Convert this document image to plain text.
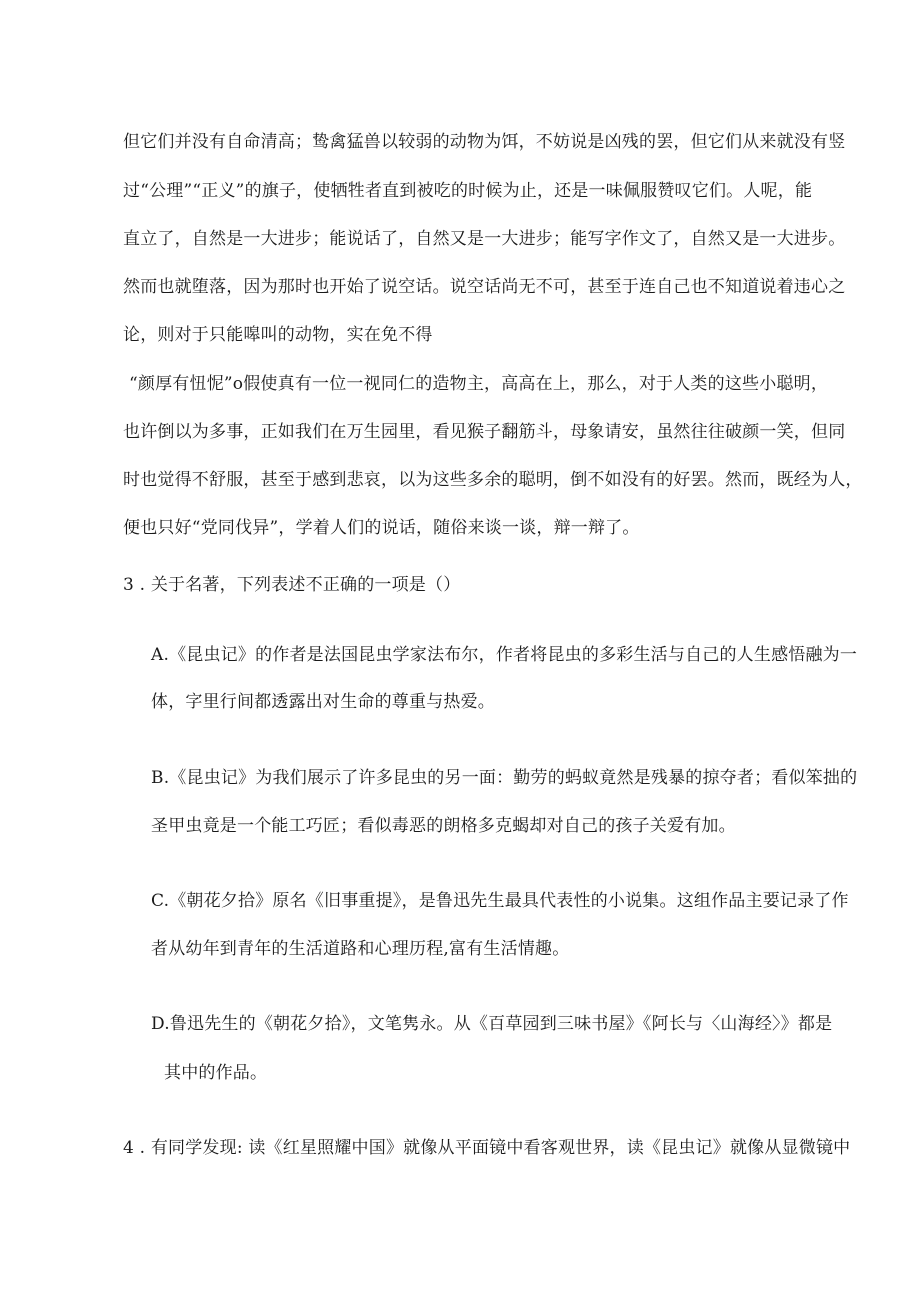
但它们并没有自命清高；鸷禽猛兽以较弱的动物为饵，不妨说是凶残的罢，但它们从来就没有竖
过“公理”“正义”的旗子，使牺牲者直到被吃的时候为止，还是一味佩服赞叹它们。人呢，能
直立了，自然是一大进步；能说话了，自然又是一大进步；能写字作文了，自然又是一大进步。
然而也就堕落，因为那时也开始了说空话。说空话尚无不可，甚至于连自己也不知道说着违心之
论，则对于只能嗥叫的动物，实在免不得
“颜厚有忸怩”o假使真有一位一视同仁的造物主，高高在上，那么，对于人类的这些小聪明，
也许倒以为多事，正如我们在万生园里，看见猴子翻筋斗，母象请安，虽然往往破颜一笑，但同
时也觉得不舒服，甚至于感到悲哀，以为这些多余的聪明，倒不如没有的好罢。然而，既经为人，
便也只好“党同伐异”，学着人们的说话，随俗来谈一谈，辩一辩了。
3 . 关于名著，下列表述不正确的一项是（）
A.《昆虫记》的作者是法国昆虫学家法布尔，作者将昆虫的多彩生活与自己的人生感悟融为一
体，字里行间都透露出对生命的尊重与热爱。
B.《昆虫记》为我们展示了许多昆虫的另一面：勤劳的蚂蚁竟然是残暴的掠夺者；看似笨拙的
圣甲虫竟是一个能工巧匠；看似毒恶的朗格多克蝎却对自己的孩子关爱有加。
C.《朝花夕拾》原名《旧事重提》，是鲁迅先生最具代表性的小说集。这组作品主要记录了作
者从幼年到青年的生活道路和心理历程,富有生活情趣。
D.鲁迅先生的《朝花夕拾》，文笔隽永。从《百草园到三味书屋》《阿长与〈山海经〉》都是
其中的作品。
4 . 有同学发现: 读《红星照耀中国》就像从平面镜中看客观世界，读《昆虫记》就像从显微镜中
